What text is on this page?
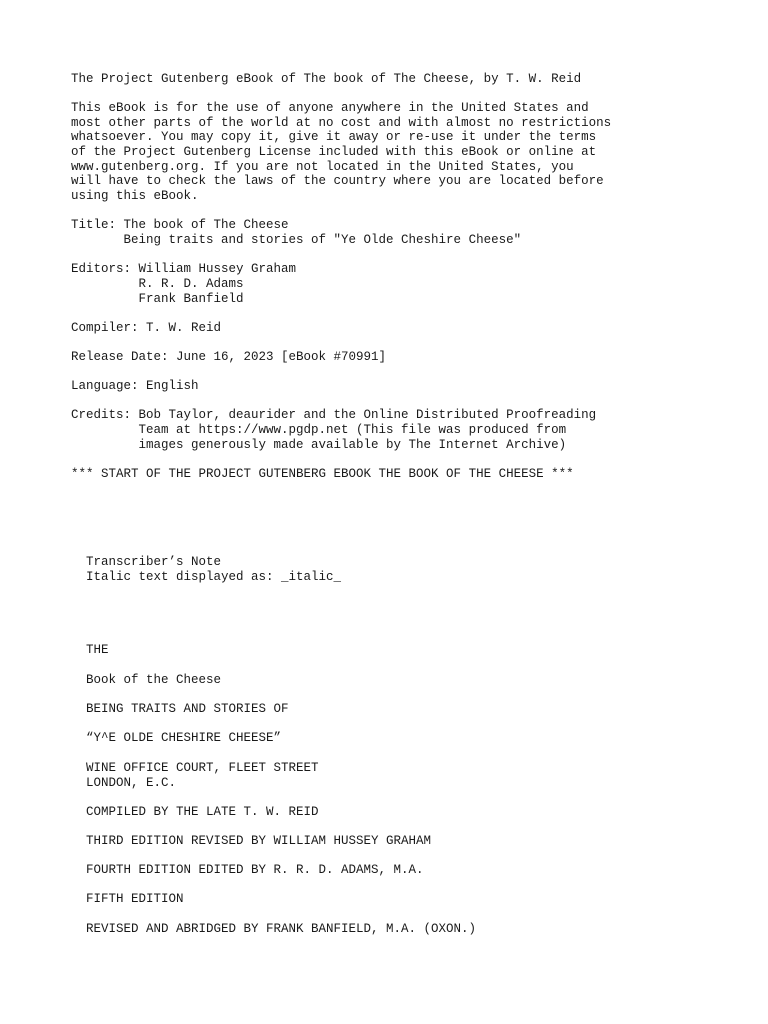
The Project Gutenberg eBook of The book of The Cheese, by T. W. Reid

This eBook is for the use of anyone anywhere in the United States and

most other parts of the world at no cost and with almost no restrictions

whatsoever. You may copy it, give it away or re-use it under the terms

of the Project Gutenberg License included with this eBook or online at

www.gutenberg.org. If you are not located in the United States, you

will have to check the laws of the country where you are located before

using this eBook.

Title: The book of The Cheese

Being traits and stories of "Ye Olde Cheshire Cheese"

Editors: William Hussey Graham

R. R. D. Adams

Frank Banfield

Compiler: T. W. Reid

Release Date: June 16, 2023 [eBook #70991]

Language: English

Credits: Bob Taylor, deaurider and the Online Distributed Proofreading

Team at https://www.pgdp.net (This file was produced from

images generously made available by The Internet Archive)

*** START OF THE PROJECT GUTENBERG EBOOK THE BOOK OF THE CHEESE ***

Transcriber’s Note

Italic text displayed as: _italic_

THE

Book of the Cheese

BEING TRAITS AND STORIES OF

“Y^E OLDE CHESHIRE CHEESE”

WINE OFFICE COURT, FLEET STREET

LONDON, E.C.

COMPILED BY THE LATE T. W. REID

THIRD EDITION REVISED BY WILLIAM HUSSEY GRAHAM

FOURTH EDITION EDITED BY R. R. D. ADAMS, M.A.

FIFTH EDITION

REVISED AND ABRIDGED BY FRANK BANFIELD, M.A. (OXON.)
